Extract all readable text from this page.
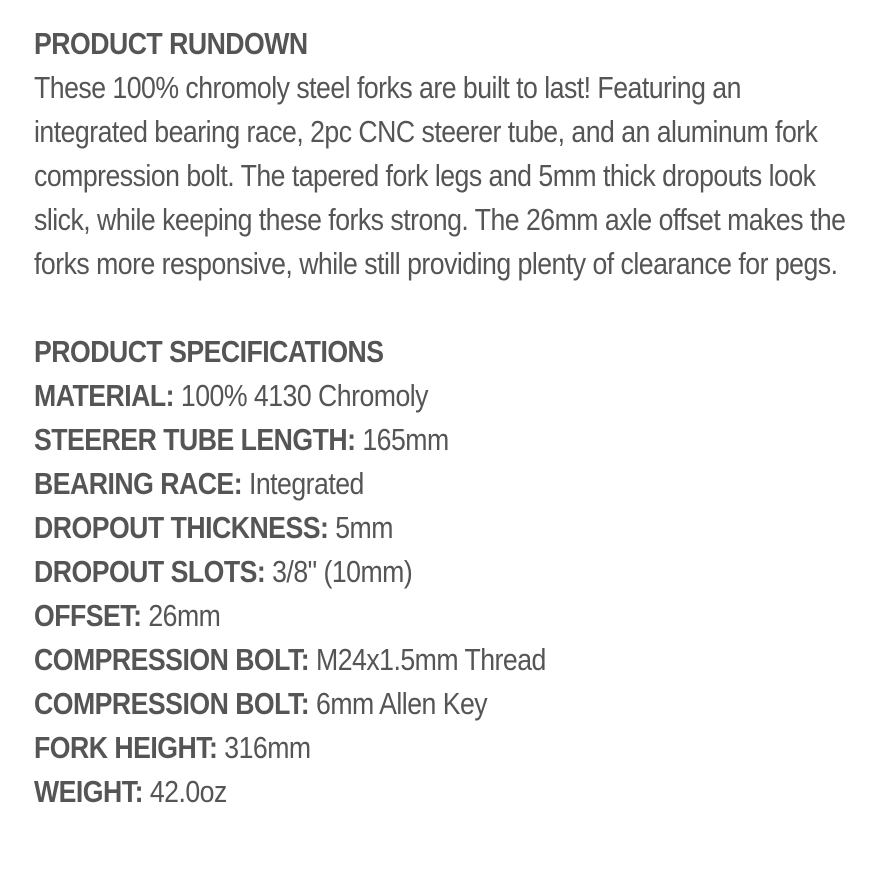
PRODUCT RUNDOWN

These 100% chromoly steel forks are built to last! Featuring an integrated bearing race, 2pc CNC steerer tube, and an aluminum fork compression bolt. The tapered fork legs and 5mm thick dropouts look slick, while keeping these forks strong. The 26mm axle offset makes the forks more responsive, while still providing plenty of clearance for pegs.

PRODUCT SPECIFICATIONS
MATERIAL: 100% 4130 Chromoly
STEERER TUBE LENGTH: 165mm
BEARING RACE: Integrated
DROPOUT THICKNESS: 5mm
DROPOUT SLOTS: 3/8" (10mm)
OFFSET: 26mm
COMPRESSION BOLT: M24x1.5mm Thread
COMPRESSION BOLT: 6mm Allen Key
FORK HEIGHT: 316mm
WEIGHT: 42.0oz
